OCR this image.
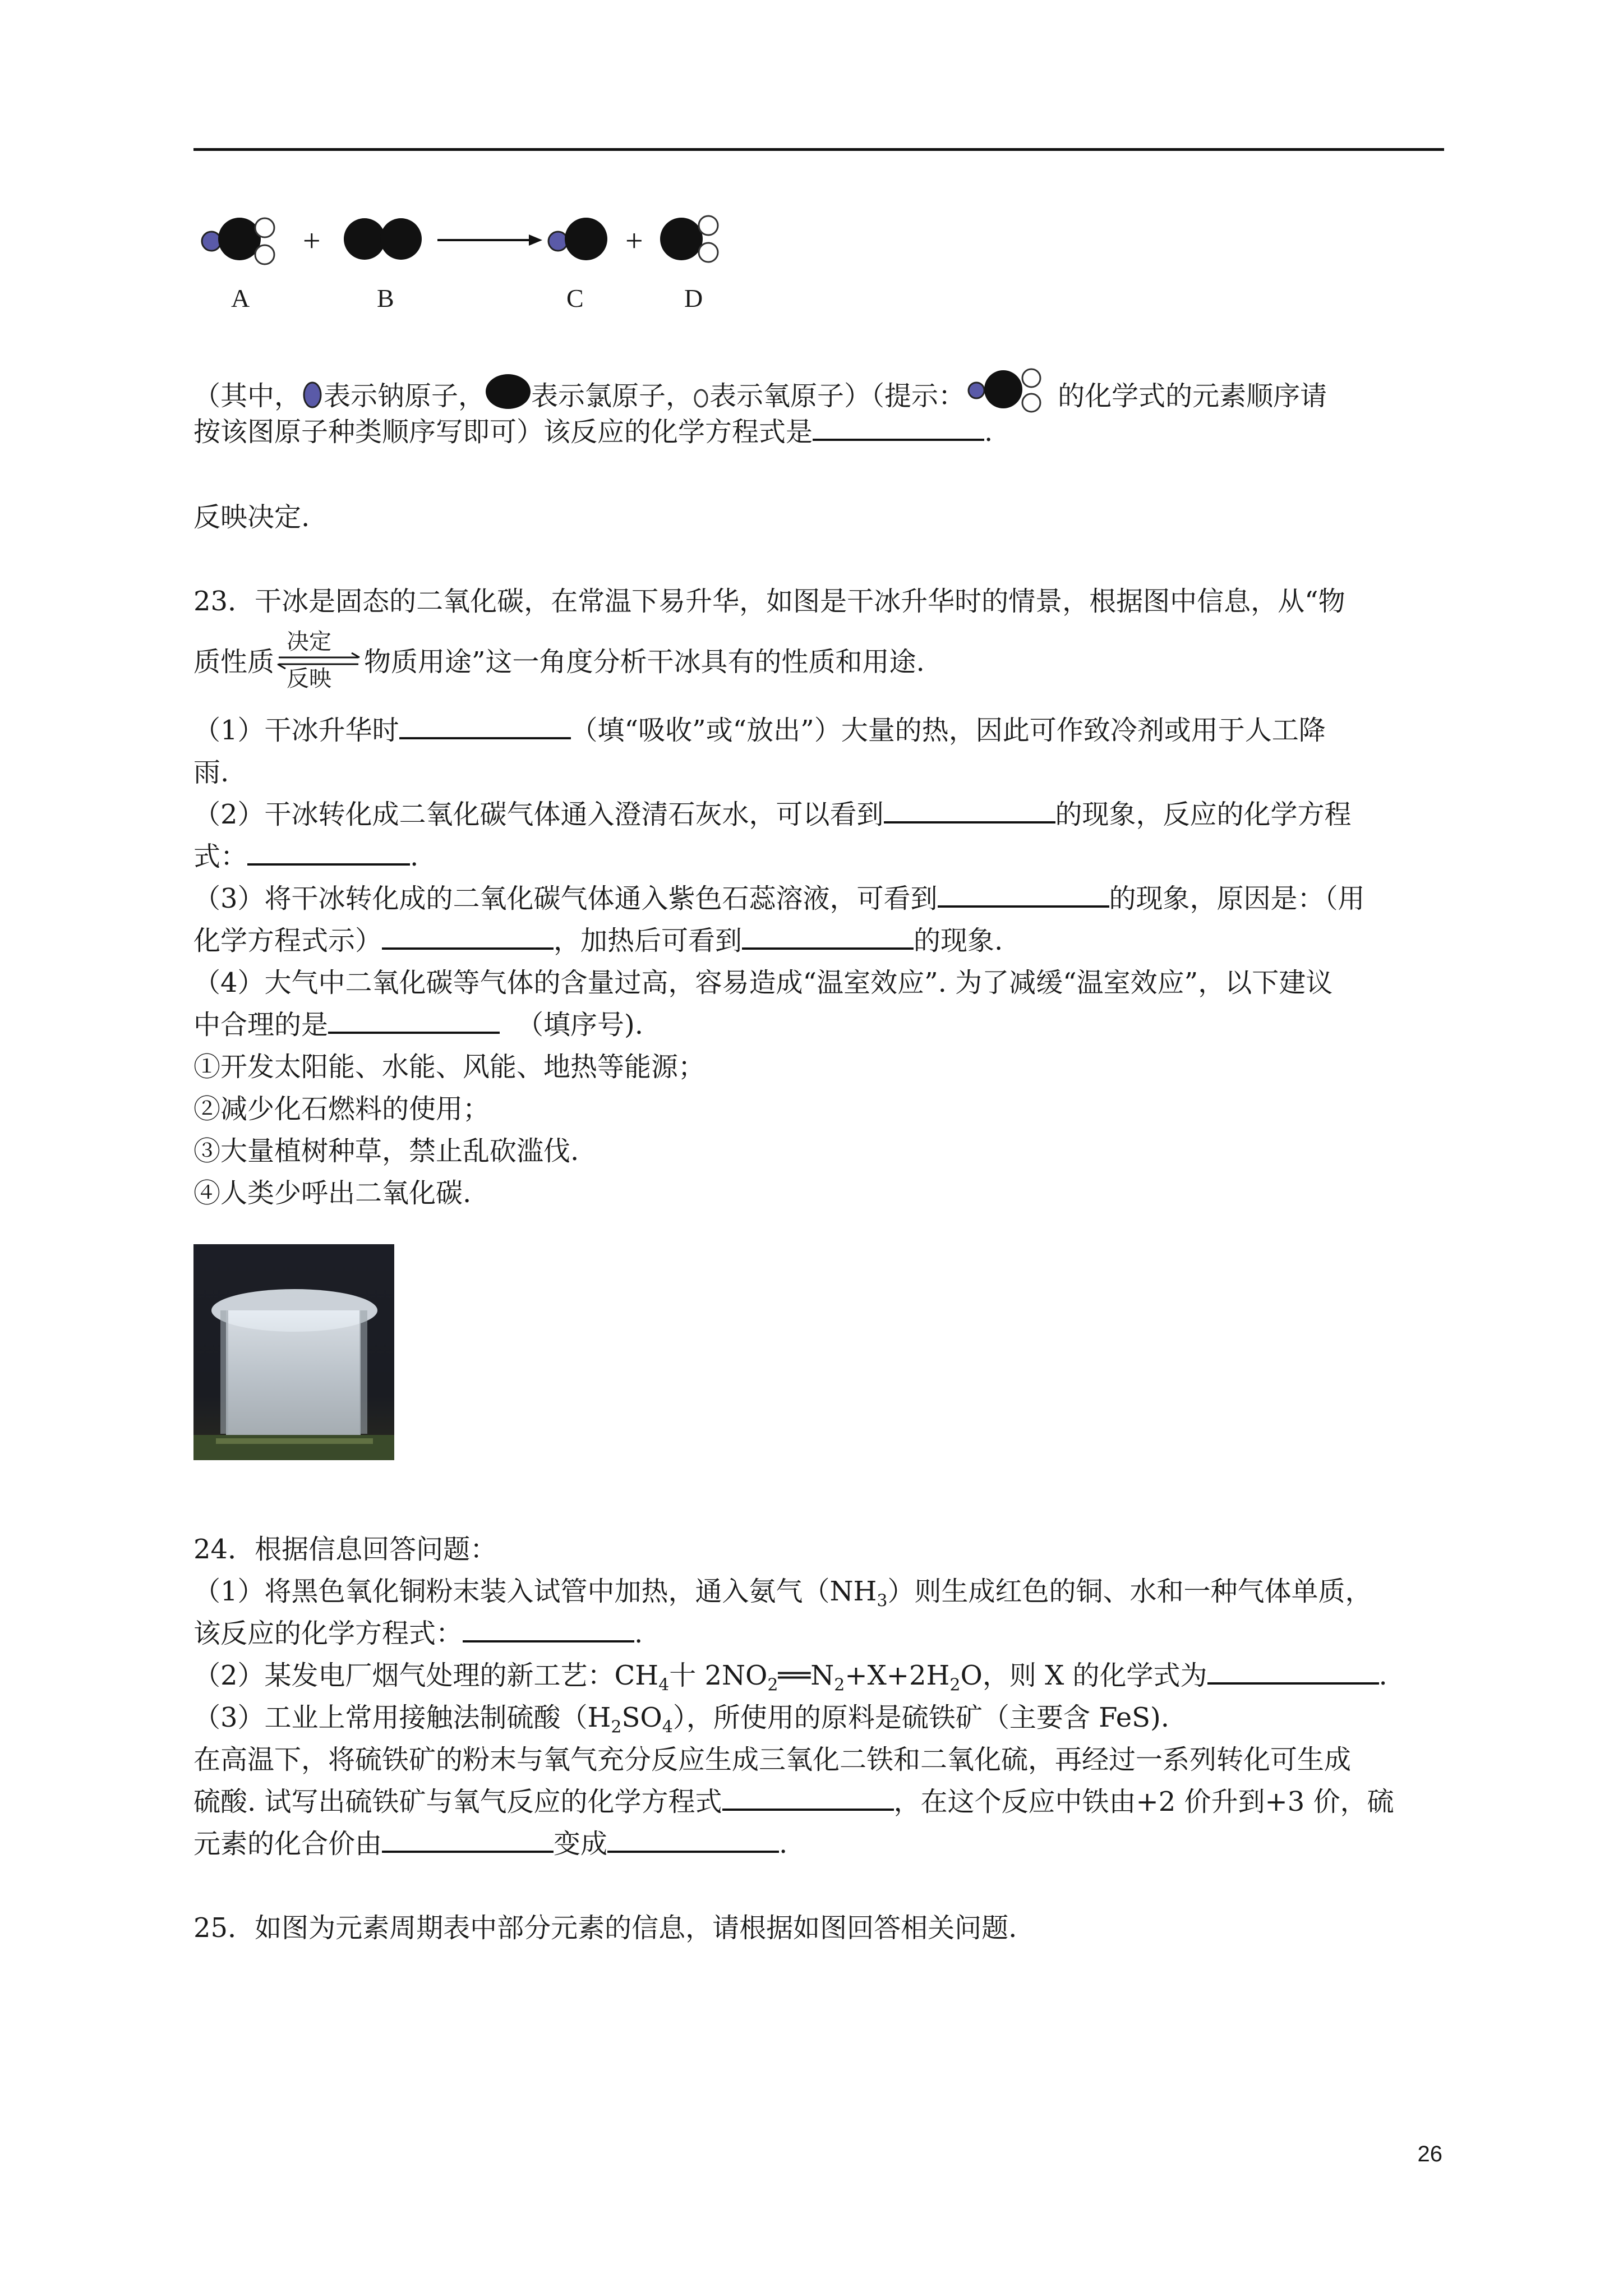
+	+
A	B	C	D
（其中， 表示钠原子， 表示氯原子， 表示氧原子）（提示：	的化学式的元素顺序请
按该图原子种类顺序写即可）该反应的化学方程式是	.
反映决定.
23．干冰是固态的二氧化碳，在常温下易升华，如图是干冰升华时的情景，根据图中信息，从“物
质性质
决定
反映
物质用途”这一角度分析干冰具有的性质和用途.
（1）干冰升华时	（填“吸收”或“放出”）大量的热，因此可作致冷剂或用于人工降
雨.
（2）干冰转化成二氧化碳气体通入澄清石灰水，可以看到	的现象，反应的化学方程
式：	.
（3）将干冰转化成的二氧化碳气体通入紫色石蕊溶液，可看到	的现象，原因是：（用
化学方程式示）	，加热后可看到	的现象.
（4）大气中二氧化碳等气体的含量过高，容易造成“温室效应”. 为了减缓“温室效应”，以下建议
中合理的是	（填序号).
①开发太阳能、水能、风能、地热等能源；
②减少化石燃料的使用；
③大量植树种草，禁止乱砍滥伐.
④人类少呼出二氧化碳.
24．根据信息回答问题：
（1）将黑色氧化铜粉末装入试管中加热，通入氨气$(NH_3)$则生成红色的铜、水和一种气体单质，
该反应的化学方程式：	.
（2）某发电厂烟气处理的新工艺：$CH_4$十 $2NO_2══N_2+X+2H_2O$，则 X 的化学式为	.
（3）工业上常用接触法制硫酸$(H_2SO_4)$，所使用的原料是硫铁矿（主要含 FeS).
在高温下，将硫铁矿的粉末与氧气充分反应生成三氧化二铁和二氧化硫，再经过一系列转化可生成
硫酸. 试写出硫铁矿与氧气反应的化学方程式	，在这个反应中铁由+2 价升到+3 价，硫
元素的化合价由	变成	.
25．如图为元素周期表中部分元素的信息，请根据如图回答相关问题.
26
